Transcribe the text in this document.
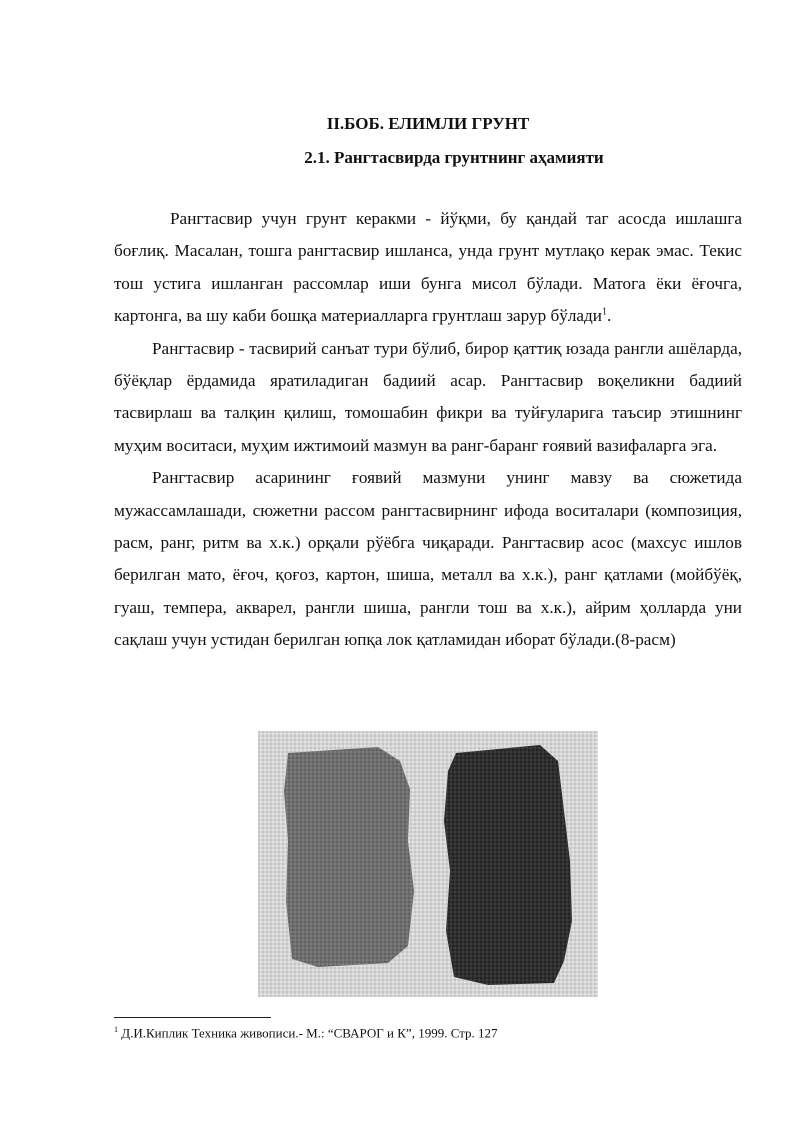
II.БОБ. ЕЛИМЛИ ГРУНТ
2.1. Рангтасвирда грунтнинг аҳамияти

Рангтасвир учун грунт керакми - йўқми, бу қандай таг асосда ишлашга боғлиқ. Масалан, тошга рангтасвир ишланса, унда грунт мутлақо керак эмас. Текис тош устига ишланган рассомлар иши бунга мисол бўлади. Матога ёки ёғочга, картонга, ва шу каби бошқа материалларга грунтлаш зарур бўлади$^1$.

Рангтасвир - тасвирий санъат тури бўлиб, бирор қаттиқ юзада рангли ашёларда, бўёқлар ёрдамида яратиладиган бадиий асар. Рангтасвир воқеликни бадиий тасвирлаш ва талқин қилиш, томошабин фикри ва туйғуларига таъсир этишнинг муҳим воситаси, муҳим ижтимоий мазмун ва ранг-баранг ғоявий вазифаларга эга.

Рангтасвир асарининг ғоявий мазмуни унинг мавзу ва сюжетида мужассамлашади, сюжетни рассом рангтасвирнинг ифода воситалари (композиция, расм, ранг, ритм ва х.к.) орқали рўёбга чиқаради. Рангтасвир асос (махсус ишлов берилган мато, ёғоч, қоғоз, картон, шиша, металл ва х.к.), ранг қатлами (мойбўёқ, гуаш, темпера, акварел, рангли шиша, рангли тош ва х.к.), айрим ҳолларда уни сақлаш учун устидан берилган юпқа лок қатламидан иборат бўлади.(8-расм)

$^1$ Д.И.Киплик Техника живописи.- М.: “СВАРОГ и К”, 1999. Стр. 127
